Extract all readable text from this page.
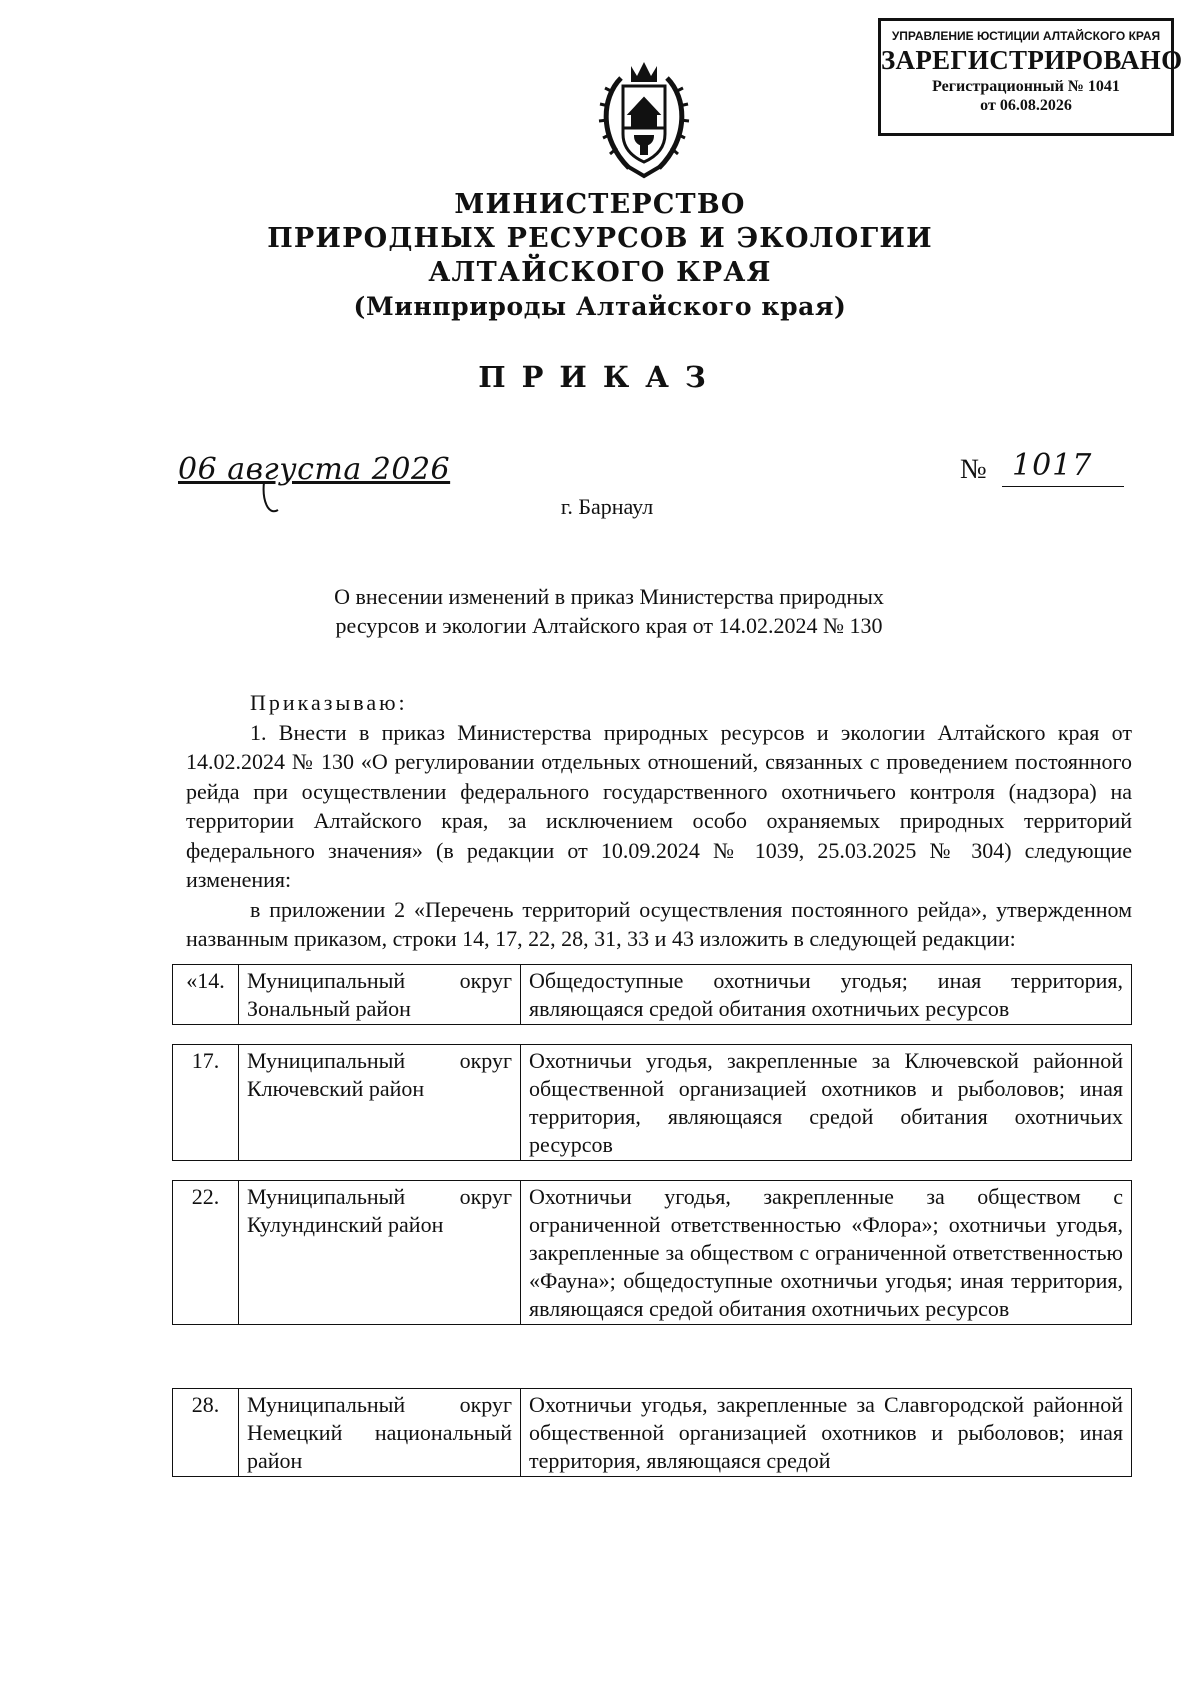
УПРАВЛЕНИЕ ЮСТИЦИИ АЛТАЙСКОГО КРАЯ
ЗАРЕГИСТРИРОВАНО
Регистрационный № 1041
от 06.08.2026
МИНИСТЕРСТВО
ПРИРОДНЫХ РЕСУРСОВ И ЭКОЛОГИИ
АЛТАЙСКОГО КРАЯ
(Минприроды Алтайского края)
ПРИКАЗ
06 августа 2026	№ 1017
г. Барнаул
О внесении изменений в приказ Министерства природных
ресурсов и экологии Алтайского края от 14.02.2024 № 130

Приказываю:

1. Внести в приказ Министерства природных ресурсов и экологии Алтайского края от 14.02.2024 № 130 «О регулировании отдельных отношений, связанных с проведением постоянного рейда при осуществлении федерального государственного охотничьего контроля (надзора) на территории Алтайского края, за исключением особо охраняемых природных территорий федерального значения» (в редакции от 10.09.2024 № 1039, 25.03.2025 № 304) следующие изменения:

в приложении 2 «Перечень территорий осуществления постоянного рейда», утвержденном названным приказом, строки 14, 17, 22, 28, 31, 33 и 43 изложить в следующей редакции:

«14.	Муниципальный округ Зональный район	Общедоступные охотничьи угодья; иная территория, являющаяся средой обитания охотничьих ресурсов
17.	Муниципальный округ Ключевский район	Охотничьи угодья, закрепленные за Ключевской районной общественной организацией охотников и рыболовов; иная территория, являющаяся средой обитания охотничьих ресурсов
22.	Муниципальный округ Кулундинский район	Охотничьи угодья, закрепленные за обществом с ограниченной ответственностью «Флора»; охотничьи угодья, закрепленные за обществом с ограниченной ответственностью «Фауна»; общедоступные охотничьи угодья; иная территория, являющаяся средой обитания охотничьих ресурсов
28.	Муниципальный округ Немецкий национальный район	Охотничьи угодья, закрепленные за Славгородской районной общественной организацией охотников и рыболовов; иная территория, являющаяся средой
